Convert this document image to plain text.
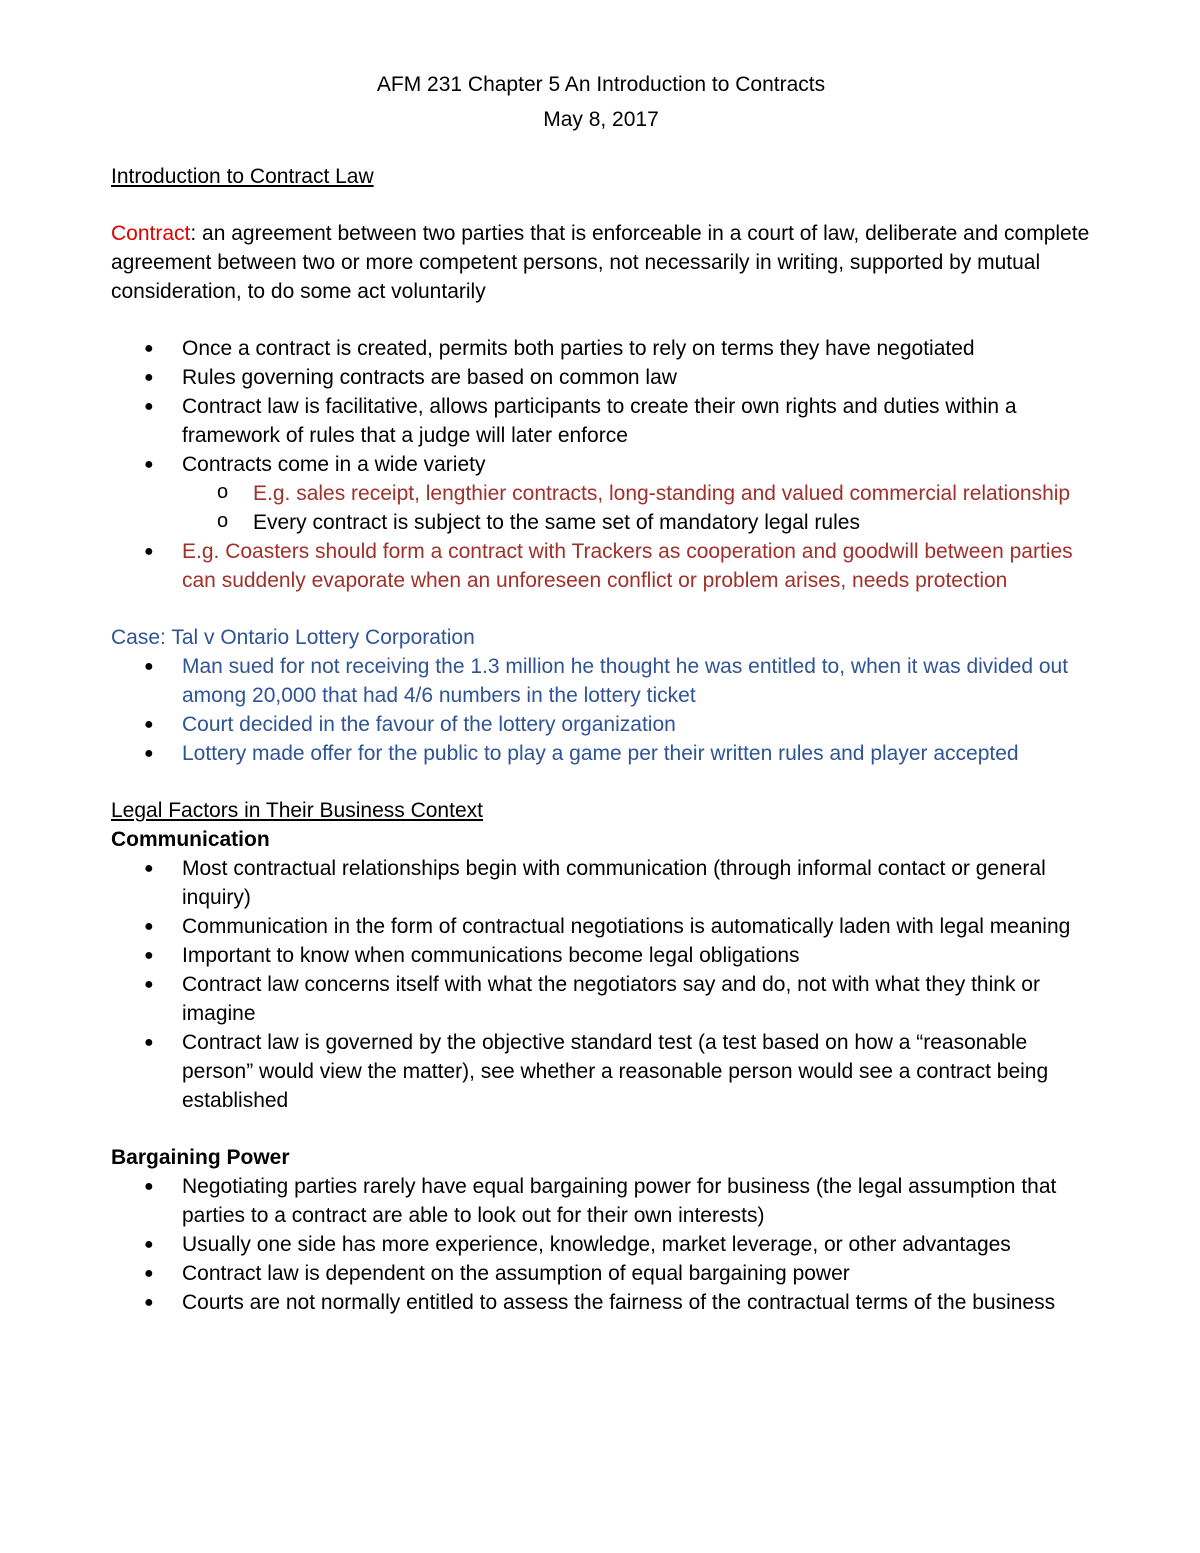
AFM 231 Chapter 5 An Introduction to Contracts

May 8, 2017

Introduction to Contract Law

Contract: an agreement between two parties that is enforceable in a court of law, deliberate and complete agreement between two or more competent persons, not necessarily in writing, supported by mutual consideration, to do some act voluntarily

● Once a contract is created, permits both parties to rely on terms they have negotiated
● Rules governing contracts are based on common law
● Contract law is facilitative, allows participants to create their own rights and duties within a framework of rules that a judge will later enforce
● Contracts come in a wide variety
o E.g. sales receipt, lengthier contracts, long-standing and valued commercial relationship
o Every contract is subject to the same set of mandatory legal rules
● E.g. Coasters should form a contract with Trackers as cooperation and goodwill between parties can suddenly evaporate when an unforeseen conflict or problem arises, needs protection

Case: Tal v Ontario Lottery Corporation

● Man sued for not receiving the 1.3 million he thought he was entitled to, when it was divided out among 20,000 that had 4/6 numbers in the lottery ticket
● Court decided in the favour of the lottery organization
● Lottery made offer for the public to play a game per their written rules and player accepted

Legal Factors in Their Business Context

Communication

● Most contractual relationships begin with communication (through informal contact or general inquiry)
● Communication in the form of contractual negotiations is automatically laden with legal meaning
● Important to know when communications become legal obligations
● Contract law concerns itself with what the negotiators say and do, not with what they think or imagine
● Contract law is governed by the objective standard test (a test based on how a “reasonable person” would view the matter), see whether a reasonable person would see a contract being established

Bargaining Power

● Negotiating parties rarely have equal bargaining power for business (the legal assumption that parties to a contract are able to look out for their own interests)
● Usually one side has more experience, knowledge, market leverage, or other advantages
● Contract law is dependent on the assumption of equal bargaining power
● Courts are not normally entitled to assess the fairness of the contractual terms of the business
